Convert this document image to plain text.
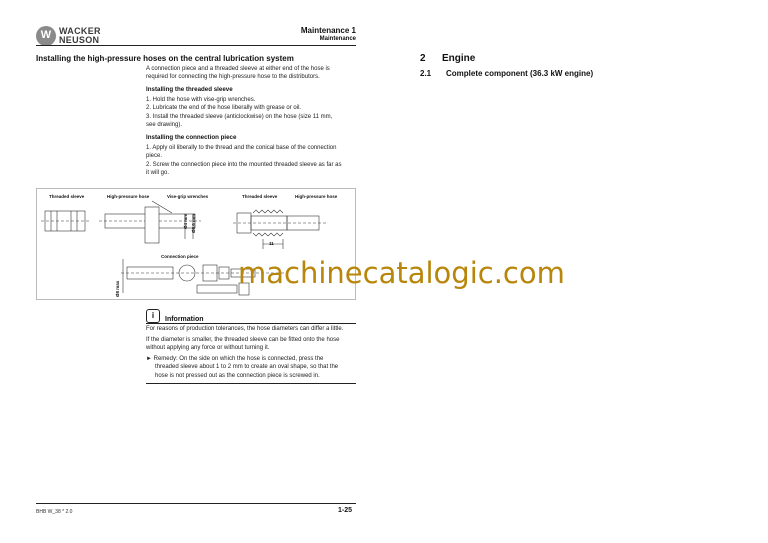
W
WACKER
NEUSON
Maintenance 1
Maintenance
Installing the high-pressure hoses on the central lubrication system
A connection piece and a threaded sleeve at either end of the hose is
required for connecting the high-pressure hose to the distributors.
Installing the threaded sleeve
1. Hold the hose with vise-grip wrenches.
2. Lubricate the end of the hose liberally with grease or oil.
3. Install the threaded sleeve (anticlockwise) on the hose (size 11 mm,
see drawing).
Installing the connection piece
1. Apply oil liberally to the thread and the conical base of the connection
piece.
2. Screw the connection piece into the mounted threaded sleeve as far as
it will go.
Threaded sleeve	High-pressure hose	Vise-grip wrenches	Threaded sleeve	High-pressure hose
Connection piece
11
Ø4 mm Ø8.6 mm
Ø8 max
i	Information
For reasons of production tolerances, the hose diameters can differ a little.
If the diameter is smaller, the threaded sleeve can be fitted onto the hose
without applying any force or without turning it.
► Remedy: On the side on which the hose is connected, press the
threaded sleeve about 1 to 2 mm to create an oval shape, so that the
hose is not pressed out as the connection piece is screwed in.
BHB W_38 * 2.0	1-25
2 Engine
2.1 Complete component (36.3 kW engine)
machinecatalogic.com
